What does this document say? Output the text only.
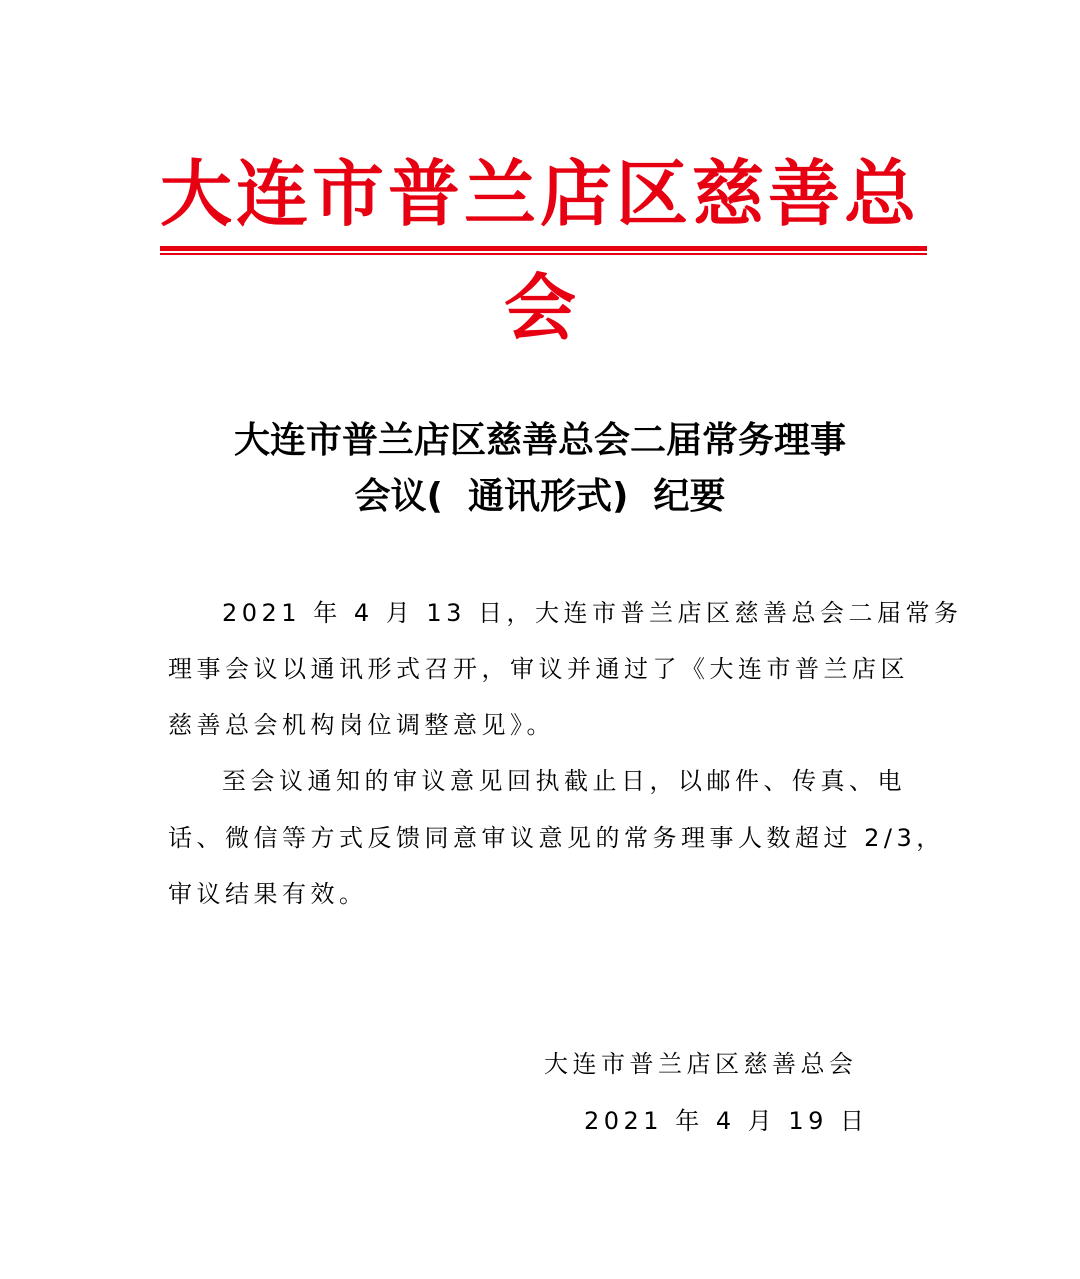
大连市普兰店区慈善总
会
大连市普兰店区慈善总会二届常务理事
会议(  通讯形式)  纪要
2021 年 4 月 13 日，大连市普兰店区慈善总会二届常务
理事会议以通讯形式召开，审议并通过了《大连市普兰店区
慈善总会机构岗位调整意见》。
至会议通知的审议意见回执截止日，以邮件、传真、电
话、微信等方式反馈同意审议意见的常务理事人数超过 2/3，
审议结果有效。
大连市普兰店区慈善总会
2021 年 4 月 19 日
